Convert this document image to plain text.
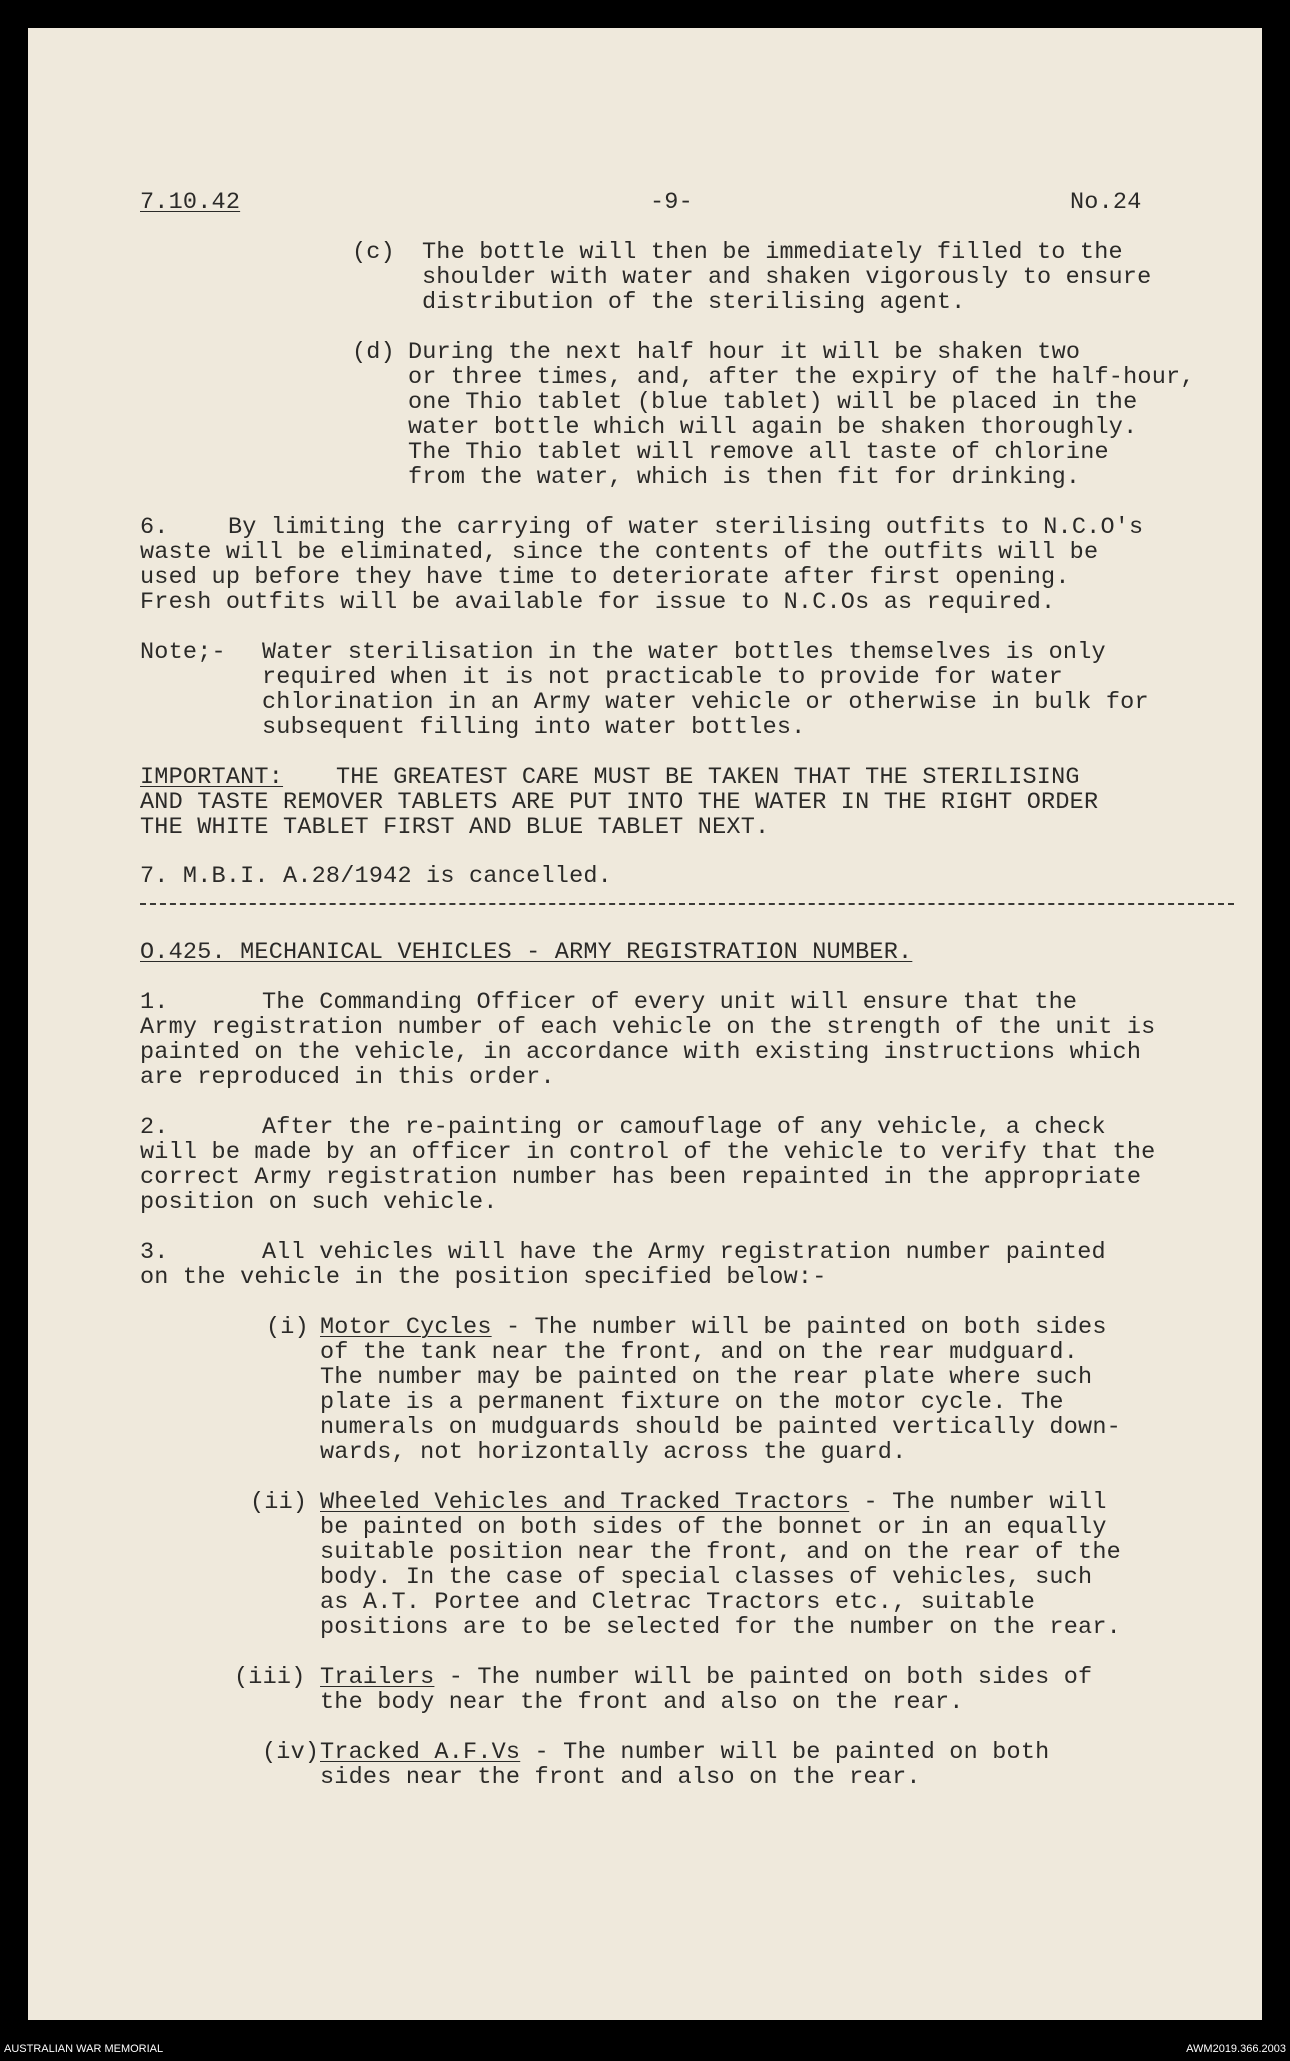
7.10.42	-9-	No.24
(c) The bottle will then be immediately filled to the
shoulder with water and shaken vigorously to ensure
distribution of the sterilising agent.
(d) During the next half hour it will be shaken two
or three times, and, after the expiry of the half-hour,
one Thio tablet (blue tablet) will be placed in the
water bottle which will again be shaken thoroughly.
The Thio tablet will remove all taste of chlorine
from the water, which is then fit for drinking.
6.	By limiting the carrying of water sterilising outfits to N.C.O's
waste will be eliminated, since the contents of the outfits will be
used up before they have time to deteriorate after first opening.
Fresh outfits will be available for issue to N.C.Os as required.
Note;- Water sterilisation in the water bottles themselves is only
required when it is not practicable to provide for water
chlorination in an Army water vehicle or otherwise in bulk for
subsequent filling into water bottles.
IMPORTANT: THE GREATEST CARE MUST BE TAKEN THAT THE STERILISING
AND TASTE REMOVER TABLETS ARE PUT INTO THE WATER IN THE RIGHT ORDER
THE WHITE TABLET FIRST AND BLUE TABLET NEXT.
7. M.B.I. A.28/1942 is cancelled.
O.425. MECHANICAL VEHICLES - ARMY REGISTRATION NUMBER.
1.	The Commanding Officer of every unit will ensure that the
Army registration number of each vehicle on the strength of the unit is
painted on the vehicle, in accordance with existing instructions which
are reproduced in this order.
2.	After the re-painting or camouflage of any vehicle, a check
will be made by an officer in control of the vehicle to verify that the
correct Army registration number has been repainted in the appropriate
position on such vehicle.
3.	All vehicles will have the Army registration number painted
on the vehicle in the position specified below:-
(i) Motor Cycles - The number will be painted on both sides
of the tank near the front, and on the rear mudguard.
The number may be painted on the rear plate where such
plate is a permanent fixture on the motor cycle. The
numerals on mudguards should be painted vertically down-
wards, not horizontally across the guard.
(ii) Wheeled Vehicles and Tracked Tractors - The number will
be painted on both sides of the bonnet or in an equally
suitable position near the front, and on the rear of the
body. In the case of special classes of vehicles, such
as A.T. Portee and Cletrac Tractors etc., suitable
positions are to be selected for the number on the rear.
(iii) Trailers - The number will be painted on both sides of
the body near the front and also on the rear.
(iv) Tracked A.F.Vs - The number will be painted on both
sides near the front and also on the rear.
AUSTRALIAN WAR MEMORIAL	AWM2019.366.2003
